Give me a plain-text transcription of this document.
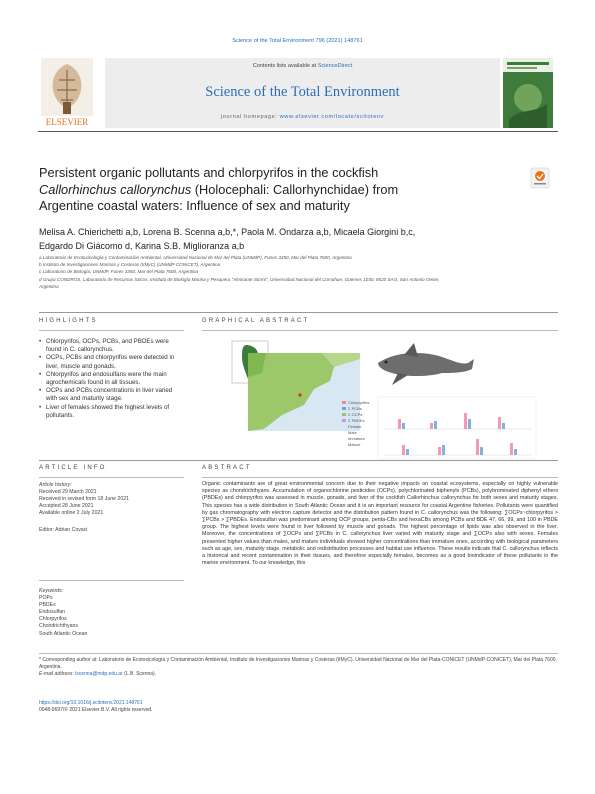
Science of the Total Environment 796 (2021) 148761
ELSEVIER
Contents lists available at ScienceDirect
Science of the Total Environment
journal homepage: www.elsevier.com/locate/scitotenv
Persistent organic pollutants and chlorpyrifos in the cockfish
Callorhinchus callorynchus (Holocephali: Callorhynchidae) from
Argentine coastal waters: Influence of sex and maturity
Melisa A. Chierichetti a,b, Lorena B. Scenna a,b,*, Paola M. Ondarza a,b, Micaela Giorgini b,c,
Edgardo Di Giácomo d, Karina S.B. Miglioranza a,b
a Laboratorio de Ecotoxicología y Contaminación Ambiental, Universidad Nacional de Mar del Plata (UNMdP), Funes 3350, Mar del Plata 7600, Argentina
b Instituto de Investigaciones Marinas y Costeras (IIMyC) (UNMdP-CONICET), Argentina
c Laboratorio de Biología, UNMdP, Funes 3350, Mar del Plata 7600, Argentina
d Grupo CONDROS, Laboratorio de Recursos Ícticos, Instituto de Biología Marina y Pesquera "Almirante Storni", Universidad Nacional del Comahue, Güemes 1030, 8520 SAO, San Antonio Oeste,
Argentina
HIGHLIGHTS
• Chlorpyrifos, OCPs, PCBs, and PBDEs were found in C. callorynchus.
• OCPs, PCBs and chlorpyrifos were detected in liver, muscle and gonads.
• Chlorpyrifos and endosulfans were the main agrochemicals found in all tissues.
• OCPs and PCBs concentrations in liver varied with sex and maturity stage.
• Liver of females showed the highest levels of pollutants.
GRAPHICAL ABSTRACT
Chlorpyrifos
Σ PCBs
Σ OCPs
Σ PBDEs
Female
Male
Immature
Mature
ARTICLE INFO
Article history:
Received 29 March 2021
Received in revised form 18 June 2021
Accepted 28 June 2021
Available online 2 July 2021
Editor: Adrian Covaci
Keywords:
POPs
PBDEs
Endosulfan
Chlorpyrifos
Chondrichthyans
South Atlantic Ocean
ABSTRACT
Organic contaminants are of great environmental concern due to their negative impacts on coastal ecosystems, especially on highly vulnerable species as chondrichthyans. Accumulation of organochlorine pesticides (OCPs), polychlorinated biphenyls (PCBs), polybrominated diphenyl ethers (PBDEs) and chlorpyrifos was assessed in muscle, gonads, and liver of the cockfish Callorhinchus callorynchus for both sexes and maturity stages. This species has a wide distribution in South Atlantic Ocean and it is an important resource for coastal Argentine fisheries. Pollutants were quantified by gas chromatography with electron capture detector and the distribution pattern found in C. callorynchus was the following: ∑OCPs~chlorpyrifos > ∑PCBs > ∑PBDEs. Endosulfan was predominant among OCP groups, penta-CBs and hexaCBs among PCBs and BDE 47, 66, 99, and 100 in PBDE group. The highest levels were found in liver followed by muscle and gonads. The highest percentage of lipids was also observed in the liver. Moreover, the concentrations of ∑OCPs and ∑PCBs in C. callorynchus liver varied with maturity stage and ∑OCPs also with sexes. Females presented higher values than males, and mature individuals showed higher concentrations than immature ones, according with biological parameters such as age, sex, maturity stage, metabolic and redistribution processes and habitat use influence. These results indicate that C. callorynchus reflects a historical and recent contamination in their tissues, and therefore especially females, becomes as a good bioindicator of these pollutants in the marine environment. To our knowledge, this
* Corresponding author at: Laboratorio de Ecotoxicología y Contaminación Ambiental, Instituto de Investigaciones Marinas y Costeras (IIMyC), Universidad Nacional de Mar del Plata-CONICET (UNMdP-CONICET), Mar del Plata 7600, Argentina.
E-mail address: lscenna@mdp.edu.ar (L.B. Scenna).
https://doi.org/10.1016/j.scitotenv.2021.148761
0048-9697/© 2021 Elsevier B.V. All rights reserved.
